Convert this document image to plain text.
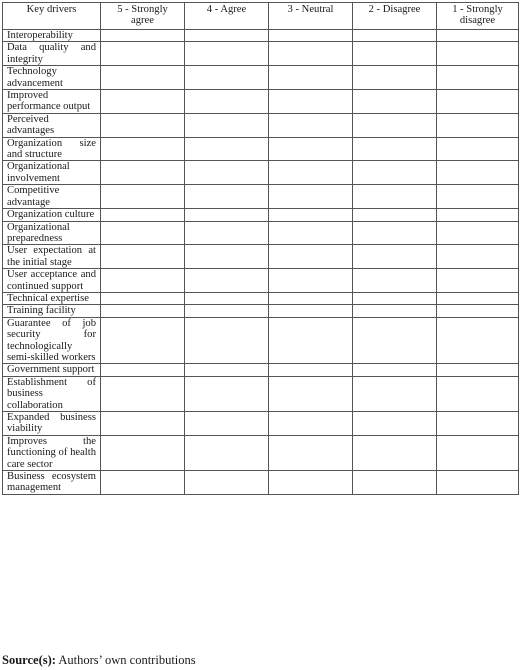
Key drivers	5 - Strongly agree	4 - Agree	3 - Neutral	2 - Disagree	1 - Strongly disagree
Interoperability					
Data quality and integrity					
Technology advancement					
Improved performance output					
Perceived advantages					
Organization size and structure					
Organizational involvement					
Competitive advantage					
Organization culture					
Organizational preparedness					
User expectation at the initial stage					
User acceptance and continued support					
Technical expertise					
Training facility					
Guarantee of job security for technologically semi-skilled workers					
Government support					
Establishment of business collaboration					
Expanded business viability					
Improves the functioning of health care sector					
Business ecosystem management					
Source(s): Authors’ own contributions
